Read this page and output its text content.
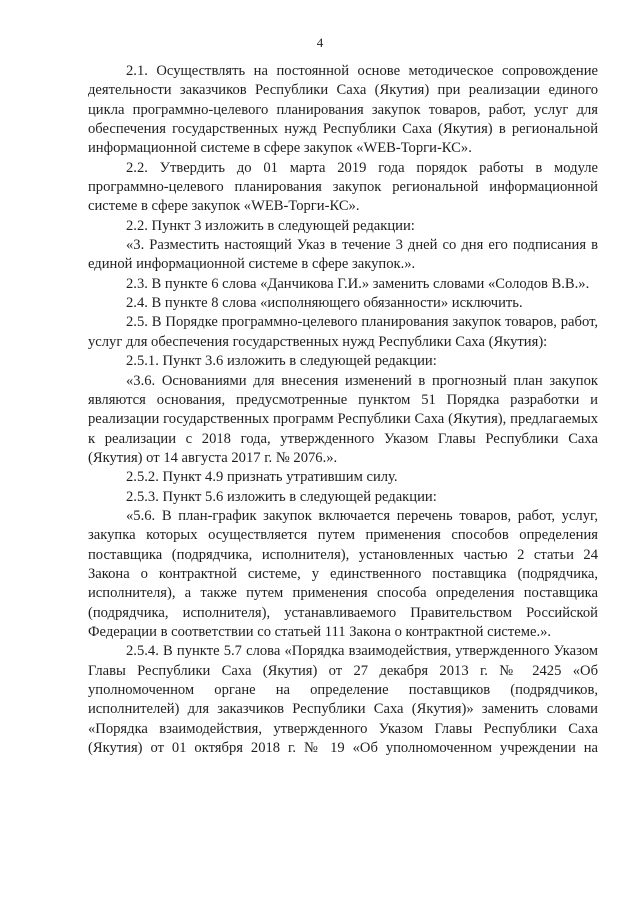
4

2.1. Осуществлять на постоянной основе методическое сопровождение деятельности заказчиков Республики Саха (Якутия) при реализации единого цикла программно-целевого планирования закупок товаров, работ, услуг для обеспечения государственных нужд Республики Саха (Якутия) в региональной информационной системе в сфере закупок «WEB-Торги-КС».

2.2. Утвердить до 01 марта 2019 года порядок работы в модуле программно-целевого планирования закупок региональной информационной системе в сфере закупок «WEB-Торги-КС».

2.2. Пункт 3 изложить в следующей редакции:

«3. Разместить настоящий Указ в течение 3 дней со дня его подписания в единой информационной системе в сфере закупок.».

2.3. В пункте 6 слова «Данчикова Г.И.» заменить словами «Солодов В.В.».

2.4. В пункте 8 слова «исполняющего обязанности» исключить.

2.5. В Порядке программно-целевого планирования закупок товаров, работ, услуг для обеспечения государственных нужд Республики Саха (Якутия):

2.5.1. Пункт 3.6 изложить в следующей редакции:

«3.6. Основаниями для внесения изменений в прогнозный план закупок являются основания, предусмотренные пунктом 51 Порядка разработки и реализации государственных программ Республики Саха (Якутия), предлагаемых к реализации с 2018 года, утвержденного Указом Главы Республики Саха (Якутия) от 14 августа 2017 г. № 2076.».

2.5.2. Пункт 4.9 признать утратившим силу.

2.5.3. Пункт 5.6 изложить в следующей редакции:

«5.6. В план-график закупок включается перечень товаров, работ, услуг, закупка которых осуществляется путем применения способов определения поставщика (подрядчика, исполнителя), установленных частью 2 статьи 24 Закона о контрактной системе, у единственного поставщика (подрядчика, исполнителя), а также путем применения способа определения поставщика (подрядчика, исполнителя), устанавливаемого Правительством Российской Федерации в соответствии со статьей 111 Закона о контрактной системе.».

2.5.4. В пункте 5.7 слова «Порядка взаимодействия, утвержденного Указом Главы Республики Саха (Якутия) от 27 декабря 2013 г. № 2425 «Об уполномоченном органе на определение поставщиков (подрядчиков, исполнителей) для заказчиков Республики Саха (Якутия)» заменить словами «Порядка взаимодействия, утвержденного Указом Главы Республики Саха (Якутия) от 01 октября 2018 г. № 19 «Об уполномоченном учреждении на
